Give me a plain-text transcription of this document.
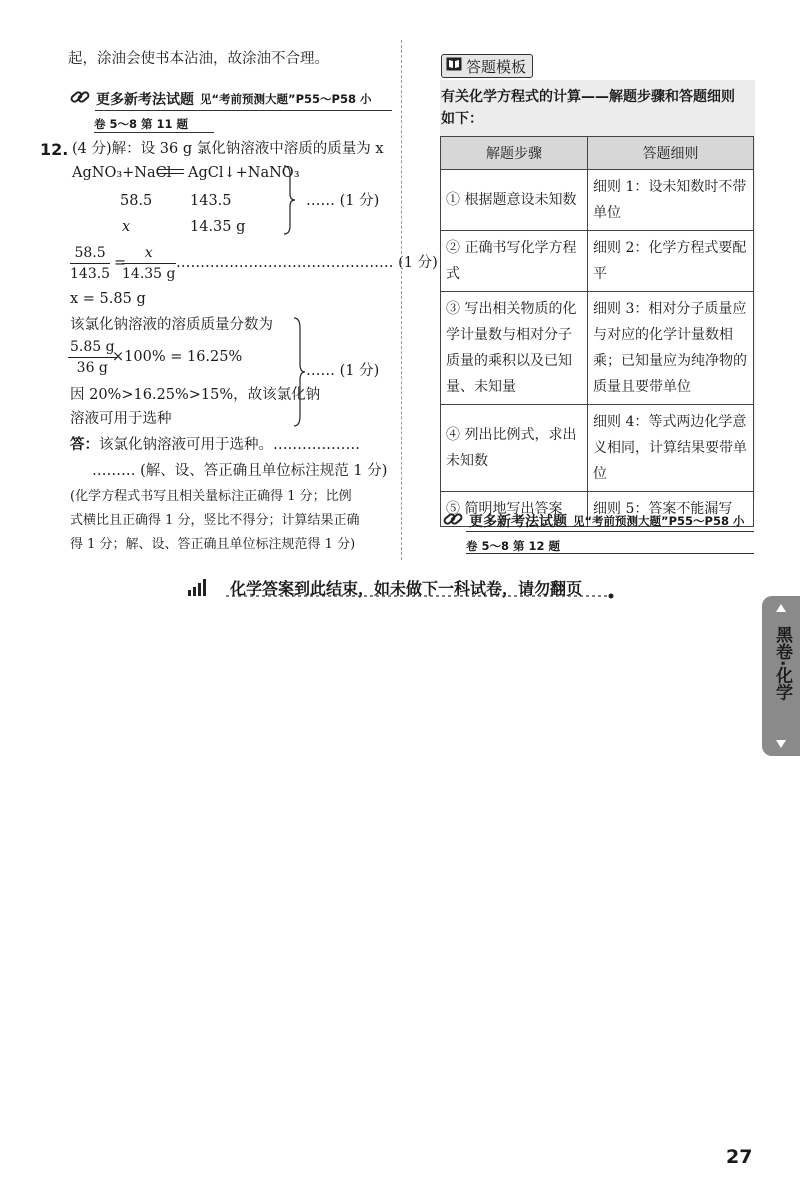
起，涂油会使书本沾油，故涂油不合理。
更多新考法试题 见“考前预测大题”P55～P58 小
卷 5～8 第 11 题
12. (4 分)解：设 36 g 氯化钠溶液中溶质的质量为 x
AgNO₃+NaCl AgCl↓+NaNO₃
58.5	143.5
x	14.35 g
…… (1 分)
$\frac{58.5}{143.5}$ =
$\frac{x}{14.35 g}$ ……………………………………… (1 分)
x = 5.85 g
该氯化钠溶液的溶质质量分数为
$\frac{5.85 g}{36 g}$
×100% = 16.25%
因 20%>16.25%>15%，故该氯化钠
溶液可用于选种
…… (1 分)
答：该氯化钠溶液可用于选种。………………
……… (解、设、答正确且单位标注规范 1 分)
(化学方程式书写且相关量标注正确得 1 分；比例
式横比且正确得 1 分，竖比不得分；计算结果正确
得 1 分；解、设、答正确且单位标注规范得 1 分)
答题模板
有关化学方程式的计算——解题步骤和答题细则
如下：
解题步骤	答题细则
① 根据题意设未知数	细则 1：设未知数时不带单位
② 正确书写化学方程式	细则 2：化学方程式要配平
③ 写出相关物质的化学计量数与相对分子质量的乘积以及已知量、未知量	细则 3：相对分子质量应与对应的化学计量数相乘；已知量应为纯净物的质量且要带单位
④ 列出比例式，求出未知数	细则 4：等式两边化学意义相同，计算结果要带单位
⑤ 简明地写出答案	细则 5：答案不能漏写
更多新考法试题 见“考前预测大题”P55～P58 小
卷 5～8 第 12 题
化学答案到此结束，如未做下一科试卷，请勿翻页
黑卷·化学
27
